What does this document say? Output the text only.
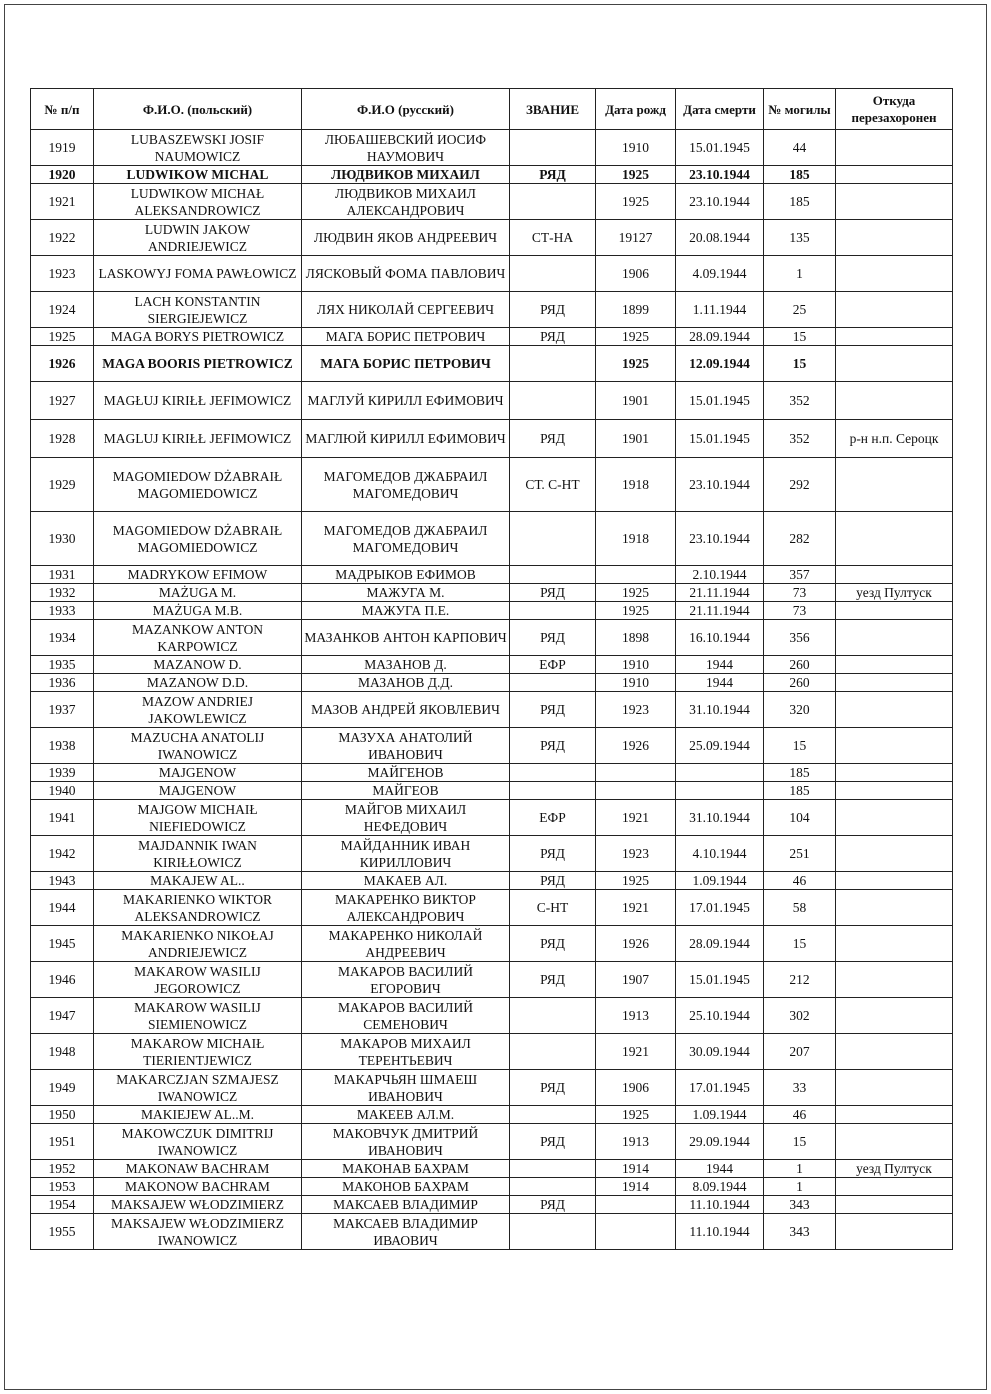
№ п/п	Ф.И.О. (польский)	Ф.И.О (русский)	ЗВАНИЕ	Дата рожд	Дата смерти	№ могилы	Откуда перезахоронен
1919	LUBASZEWSKI JOSIF NAUMOWICZ	ЛЮБАШЕВСКИЙ ИОСИФ НАУМОВИЧ		1910	15.01.1945	44	
1920	LUDWIKOW MICHAL	ЛЮДВИКОВ МИХАИЛ	РЯД	1925	23.10.1944	185	
1921	LUDWIKOW MICHAŁ ALEKSANDROWICZ	ЛЮДВИКОВ МИХАИЛ АЛЕКСАНДРОВИЧ		1925	23.10.1944	185	
1922	LUDWIN JAKOW ANDRIEJEWICZ	ЛЮДВИН ЯКОВ АНДРЕЕВИЧ	СТ-НА	19127	20.08.1944	135	
1923	LASKOWYJ FOMA PAWŁOWICZ	ЛЯСКОВЫЙ ФОМА ПАВЛОВИЧ		1906	4.09.1944	1	
1924	LACH KONSTANTIN SIERGIEJEWICZ	ЛЯХ НИКОЛАЙ СЕРГЕЕВИЧ	РЯД	1899	1.11.1944	25	
1925	MAGA BORYS PIETROWICZ	МАГА БОРИС ПЕТРОВИЧ	РЯД	1925	28.09.1944	15	
1926	MAGA BOORIS PIETROWICZ	МАГА БОРИС ПЕТРОВИЧ		1925	12.09.1944	15	
1927	MAGŁUJ KIRIŁŁ JEFIMOWICZ	МАГЛУЙ КИРИЛЛ ЕФИМОВИЧ		1901	15.01.1945	352	
1928	MAGLUJ KIRIŁŁ JEFIMOWICZ	МАГЛЮЙ КИРИЛЛ ЕФИМОВИЧ	РЯД	1901	15.01.1945	352	р-н н.п. Сероцк
1929	MAGOMIEDOW DŻABRAIŁ MAGOMIEDOWICZ	МАГОМЕДОВ ДЖАБРАИЛ МАГОМЕДОВИЧ	СТ. С-НТ	1918	23.10.1944	292	
1930	MAGOMIEDOW DŻABRAIŁ MAGOMIEDOWICZ	МАГОМЕДОВ ДЖАБРАИЛ МАГОМЕДОВИЧ		1918	23.10.1944	282	
1931	MADRYKOW EFIMOW	МАДРЫКОВ ЕФИМОВ			2.10.1944	357	
1932	MAŻUGA M.	МАЖУГА М.	РЯД	1925	21.11.1944	73	уезд Пултуск
1933	MAŻUGA M.B.	МАЖУГА П.Е.		1925	21.11.1944	73	
1934	MAZANKOW ANTON KARPOWICZ	МАЗАНКОВ АНТОН КАРПОВИЧ	РЯД	1898	16.10.1944	356	
1935	MAZANOW D.	МАЗАНОВ Д.	ЕФР	1910	1944	260	
1936	MAZANOW D.D.	МАЗАНОВ Д.Д.		1910	1944	260	
1937	MAZOW ANDRIEJ JAKOWLEWICZ	МАЗОВ АНДРЕЙ ЯКОВЛЕВИЧ	РЯД	1923	31.10.1944	320	
1938	MAZUCHA ANATOLIJ IWANOWICZ	МАЗУХА АНАТОЛИЙ ИВАНОВИЧ	РЯД	1926	25.09.1944	15	
1939	MAJGENOW	МАЙГЕНОВ				185	
1940	MAJGENOW	МАЙГЕОВ				185	
1941	MAJGOW MICHAIŁ NIEFIEDOWICZ	МАЙГОВ МИХАИЛ НЕФЕДОВИЧ	ЕФР	1921	31.10.1944	104	
1942	MAJDANNIK IWAN KIRIŁŁOWICZ	МАЙДАННИК ИВАН КИРИЛЛОВИЧ	РЯД	1923	4.10.1944	251	
1943	MAKAJEW AL..	МАКАЕВ АЛ.	РЯД	1925	1.09.1944	46	
1944	MAKARIENKO WIKTOR ALEKSANDROWICZ	МАКАРЕНКО ВИКТОР АЛЕКСАНДРОВИЧ	С-НТ	1921	17.01.1945	58	
1945	MAKARIENKO NIKOŁAJ ANDRIEJEWICZ	МАКАРЕНКО НИКОЛАЙ АНДРЕЕВИЧ	РЯД	1926	28.09.1944	15	
1946	MAKAROW WASILIJ JEGOROWICZ	МАКАРОВ ВАСИЛИЙ ЕГОРОВИЧ	РЯД	1907	15.01.1945	212	
1947	MAKAROW WASILIJ SIEMIENOWICZ	МАКАРОВ ВАСИЛИЙ СЕМЕНОВИЧ		1913	25.10.1944	302	
1948	MAKAROW MICHAIŁ TIERIENTJEWICZ	МАКАРОВ МИХАИЛ ТЕРЕНТЬЕВИЧ		1921	30.09.1944	207	
1949	MAKARCZJAN SZMAJESZ IWANOWICZ	МАКАРЧЬЯН ШМАЕШ ИВАНОВИЧ	РЯД	1906	17.01.1945	33	
1950	MAKIEJEW AL..M.	МАКЕЕВ АЛ.М.		1925	1.09.1944	46	
1951	MAKOWCZUK DIMITRIJ IWANOWICZ	МАКОВЧУК ДМИТРИЙ ИВАНОВИЧ	РЯД	1913	29.09.1944	15	
1952	MAKONAW BACHRAM	МАКОНАВ БАХРАМ		1914	1944	1	уезд Пултуск
1953	MAKONOW BACHRAM	МАКОНОВ БАХРАМ		1914	8.09.1944	1	
1954	MAKSAJEW WŁODZIMIERZ	МАКСАЕВ ВЛАДИМИР	РЯД		11.10.1944	343	
1955	MAKSAJEW WŁODZIMIERZ IWANOWICZ	МАКСАЕВ ВЛАДИМИР ИВАОВИЧ			11.10.1944	343	
